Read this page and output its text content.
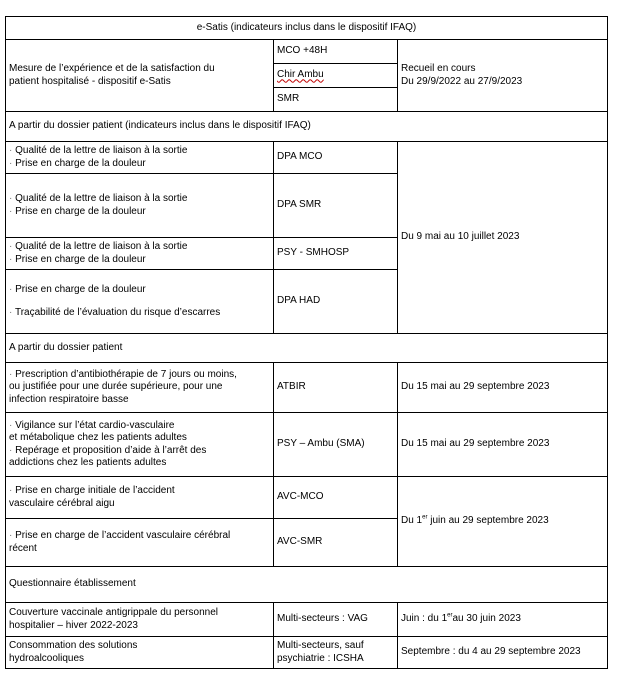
e-Satis (indicateurs inclus dans le dispositif IFAQ)		

Mesure de l’expérience et de la satisfaction du
patient hospitalisé - dispositif e-Satis	MCO +48H	Recueil en cours
Du 29/9/2022 au 27/9/2023

	Chir Ambu	
	SMR	
A partir du dossier patient (indicateurs inclus dans le dispositif IFAQ)		

· Qualité de la lettre de liaison à la sortie
· Prise en charge de la douleur	DPA MCO	Du 9 mai au 10 juillet 2023

· Qualité de la lettre de liaison à la sortie
· Prise en charge de la douleur	DPA SMR	

· Qualité de la lettre de liaison à la sortie
· Prise en charge de la douleur	PSY - SMHOSP	

· Prise en charge de la douleur
· Traçabilité de l’évaluation du risque d’escarres	DPA HAD	
A partir du dossier patient		

· Prescription d’antibiothérapie de 7 jours ou moins,
ou justifiée pour une durée supérieure, pour une
infection respiratoire basse	ATBIR	Du 15 mai au 29 septembre 2023

· Vigilance sur l’état cardio-vasculaire
et métabolique chez les patients adultes
· Repérage et proposition d’aide à l’arrêt des
addictions chez les patients adultes	PSY – Ambu (SMA)	Du 15 mai au 29 septembre 2023

· Prise en charge initiale de l’accident
vasculaire cérébral aigu	AVC-MCO	Du 1er juin au 29 septembre 2023

· Prise en charge de l’accident vasculaire cérébral
récent	AVC-SMR	
Questionnaire établissement		

Couverture vaccinale antigrippale du personnel
hospitalier – hiver 2022-2023	Multi-secteurs : VAG	Juin : du 1erau 30 juin 2023

Consommation des solutions
hydroalcooliques	Multi-secteurs, sauf
psychiatrie : ICSHA	Septembre : du 4 au 29 septembre 2023
